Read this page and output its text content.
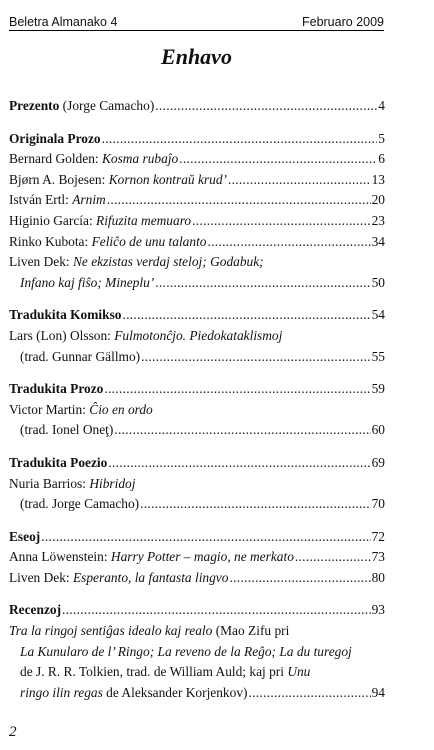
Beletra Almanako 4	Februaro 2009
Enhavo
Prezento (Jorge Camacho) .....	4
Originala Prozo .....	5
Bernard Golden: Kosma rubaĵo .....	6
Bjørn A. Bojesen: Kornon kontraŭ krud’ .....	13
István Ertl: Arnim .....	20
Higinio García: Rifuzita memuaro .....	23
Rinko Kubota: Feliĉo de unu talanto .....	34
Liven Dek: Ne ekzistas verdaj steloj; Godabuk;
Infano kaj fiŝo; Mineplu’ .....	50
Tradukita Komikso .....	54
Lars (Lon) Olsson: Fulmotonĉjo. Piedokataklismoj
(trad. Gunnar Gällmo) .....	55
Tradukita Prozo .....	59
Victor Martin: Ĉio en ordo
(trad. Ionel Oneţ) .....	60
Tradukita Poezio .....	69
Nuria Barrios: Hibridoj
(trad. Jorge Camacho) .....	70
Eseoj .....	72
Anna Löwenstein: Harry Potter – magio, ne merkato .....	73
Liven Dek: Esperanto, la fantasta lingvo .....	80
Recenzoj .....	93
Tra la ringoj sentiĝas idealo kaj realo (Mao Zifu pri
La Kunularo de l’ Ringo; La reveno de la Reĝo; La du turegoj
de J. R. R. Tolkien, trad. de William Auld; kaj pri Unu
ringo ilin regas de Aleksander Korjenkov) .....	94
2
